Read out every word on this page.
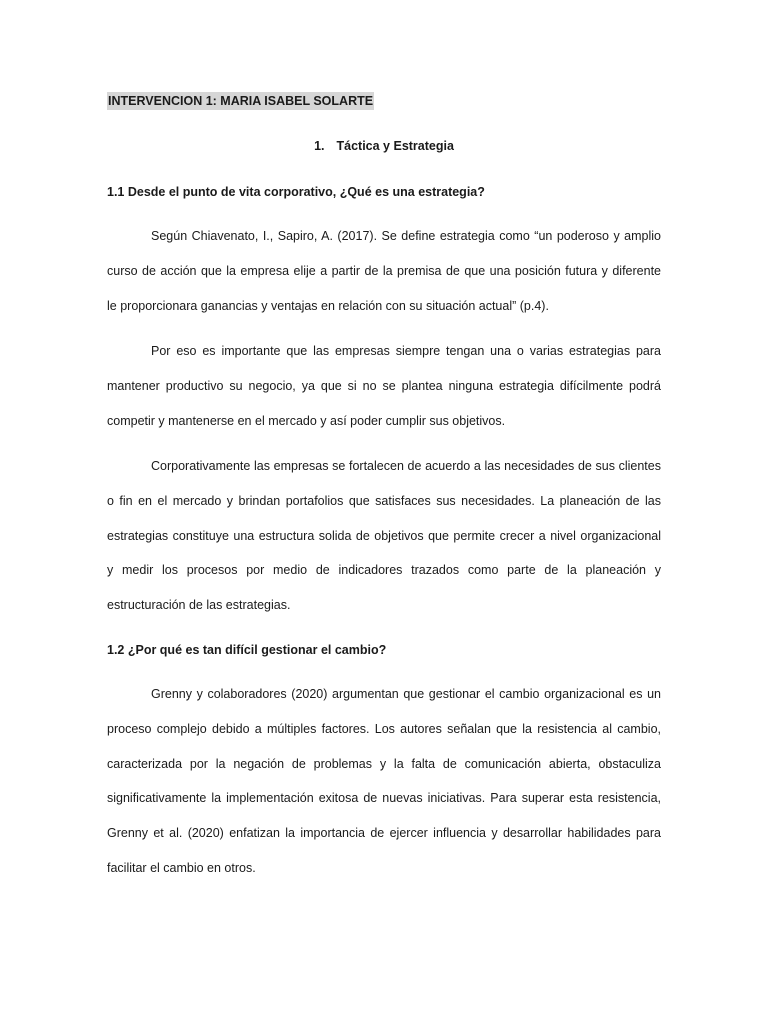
INTERVENCION 1: MARIA ISABEL SOLARTE
1. Táctica y Estrategia
1.1 Desde el punto de vita corporativo, ¿Qué es una estrategia?
Según Chiavenato, I., Sapiro, A. (2017). Se define estrategia como “un poderoso y amplio
curso de acción que la empresa elije a partir de la premisa de que una posición futura y diferente
le proporcionara ganancias y ventajas en relación con su situación actual” (p.4).
Por eso es importante que las empresas siempre tengan una o varias estrategias para
mantener productivo su negocio, ya que si no se plantea ninguna estrategia difícilmente podrá
competir y mantenerse en el mercado y así poder cumplir sus objetivos.
Corporativamente las empresas se fortalecen de acuerdo a las necesidades de sus clientes
o fin en el mercado y brindan portafolios que satisfaces sus necesidades. La planeación de las
estrategias constituye una estructura solida de objetivos que permite crecer a nivel organizacional
y medir los procesos por medio de indicadores trazados como parte de la planeación y
estructuración de las estrategias.
1.2 ¿Por qué es tan difícil gestionar el cambio?
Grenny y colaboradores (2020) argumentan que gestionar el cambio organizacional es un
proceso complejo debido a múltiples factores. Los autores señalan que la resistencia al cambio,
caracterizada por la negación de problemas y la falta de comunicación abierta, obstaculiza
significativamente la implementación exitosa de nuevas iniciativas. Para superar esta resistencia,
Grenny et al. (2020) enfatizan la importancia de ejercer influencia y desarrollar habilidades para
facilitar el cambio en otros.
